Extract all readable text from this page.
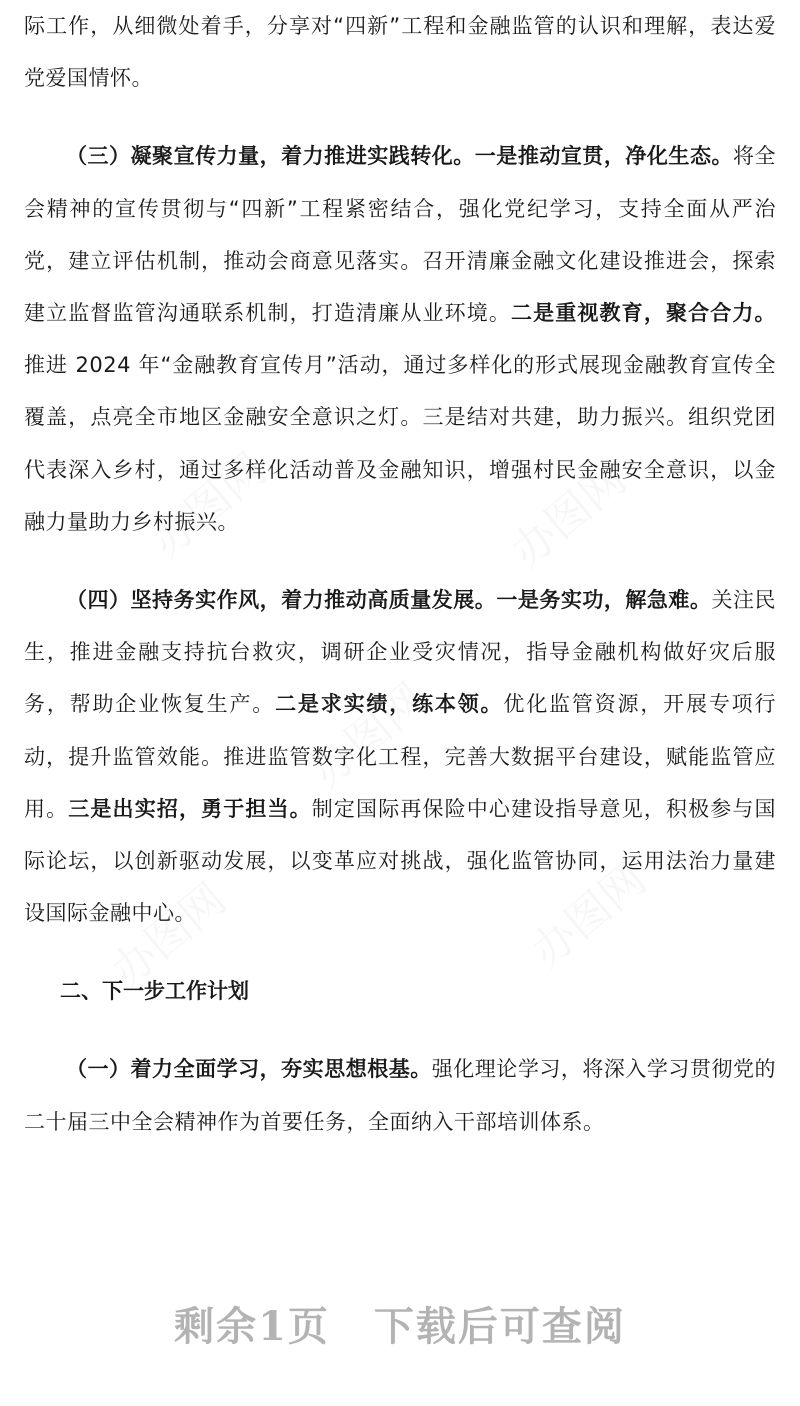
际工作，从细微处着手，分享对“四新”工程和金融监管的认识和理解，表达爱党爱国情怀。

（三）凝聚宣传力量，着力推进实践转化。一是推动宣贯，净化生态。将全会精神的宣传贯彻与“四新”工程紧密结合，强化党纪学习，支持全面从严治党，建立评估机制，推动会商意见落实。召开清廉金融文化建设推进会，探索建立监督监管沟通联系机制，打造清廉从业环境。二是重视教育，聚合合力。推进 2024 年“金融教育宣传月”活动，通过多样化的形式展现金融教育宣传全覆盖，点亮全市地区金融安全意识之灯。三是结对共建，助力振兴。组织党团代表深入乡村，通过多样化活动普及金融知识，增强村民金融安全意识，以金融力量助力乡村振兴。

（四）坚持务实作风，着力推动高质量发展。一是务实功，解急难。关注民生，推进金融支持抗台救灾，调研企业受灾情况，指导金融机构做好灾后服务，帮助企业恢复生产。二是求实绩，练本领。优化监管资源，开展专项行动，提升监管效能。推进监管数字化工程，完善大数据平台建设，赋能监管应用。三是出实招，勇于担当。制定国际再保险中心建设指导意见，积极参与国际论坛，以创新驱动发展，以变革应对挑战，强化监管协同，运用法治力量建设国际金融中心。

二、下一步工作计划

（一）着力全面学习，夯实思想根基。强化理论学习，将深入学习贯彻党的二十届三中全会精神作为首要任务，全面纳入干部培训体系。

剩余1页 下载后可查阅
